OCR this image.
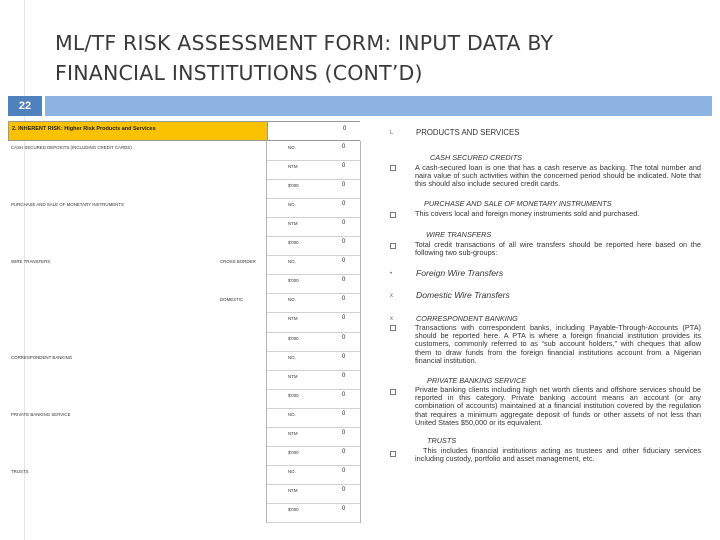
ML/TF RISK ASSESSMENT FORM: INPUT DATA BY
FINANCIAL INSTITUTIONS (CONT’D)
22
2. INHERENT RISK: Higher Risk Products and Services	0
CASH SECURED DEPOSITS (INCLUDING CREDIT CARDS)	NO.	0
NTM	0
$'000	0
PURCHASE AND SALE OF MONETARY INSTRUMENTS	NO.	0
NTM	0
$'000	0
WIRE TRANSFERS	CROSS BORDER	NO.	0
$'000	0
DOMESTIC	NO.	0
NTM	0
$'000	0
CORRESPONDENT BANKING	NO.	0
NTM	0
$'000	0
PRIVATE BANKING SERVICE	NO.	0
NTM	0
$'000	0
TRUSTS	NO.	0
NTM	0
$'000	0
L	PRODUCTS AND SERVICES
CASH SECURED CREDITS
A cash-secured loan is one that has a cash reserve as backing. The total number and naira value of such activities within the concerned period should be indicated. Note that this should also include secured credit cards.
PURCHASE AND SALE OF MONETARY INSTRUMENTS
This covers local and foreign money instruments sold and purchased.
WIRE TRANSFERS
Total credit transactions of all wire transfers should be reported here based on the following two sub-groups:
•	Foreign Wire Transfers
x	Domestic Wire Transfers
x	CORRESPONDENT BANKING
Transactions with correspondent banks, including Payable-Through-Accounts (PTA) should be reported here. A PTA is where a foreign financial institution provides its customers, commonly referred to as “sub account holders,” with cheques that allow them to draw funds from the foreign financial institutions account from a Nigerian financial institution.
PRIVATE BANKING SERVICE
Private banking clients including high net worth clients and offshore services should be reported in this category. Private banking account means an account (or any combination of accounts) maintained at a financial institution covered by the regulation that requires a minimum aggregate deposit of funds or other assets of not less than United States $50,000 or its equivalent.
TRUSTS
This includes financial institutions acting as trustees and other fiduciary services including custody, portfolio and asset management, etc.
